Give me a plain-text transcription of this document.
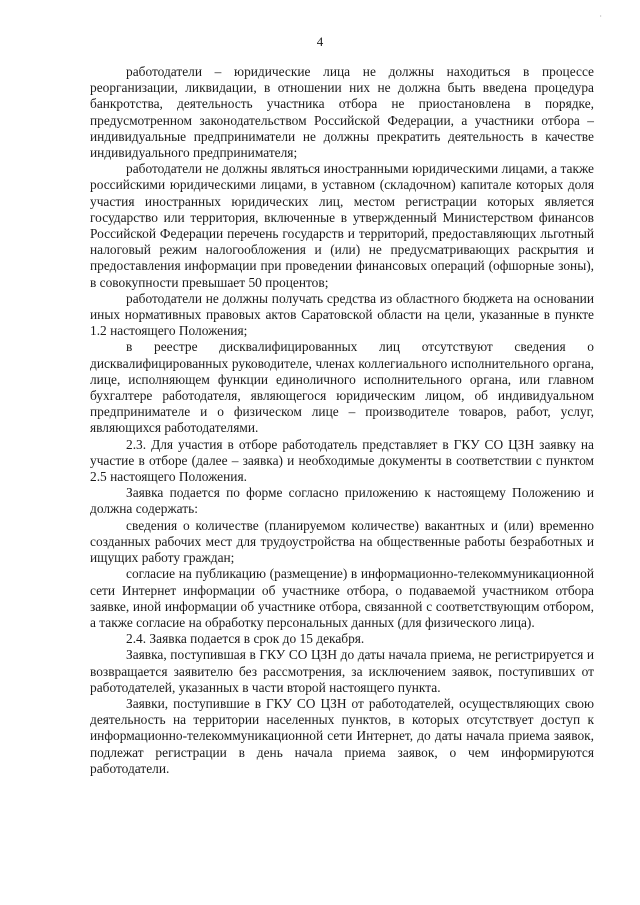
·
4

работодатели – юридические лица не должны находиться в процессе реорганизации, ликвидации, в отношении них не должна быть введена процедура банкротства, деятельность участника отбора не приостановлена в порядке, предусмотренном законодательством Российской Федерации, а участники отбора – индивидуальные предприниматели не должны прекратить деятельность в качестве индивидуального предпринимателя;

работодатели не должны являться иностранными юридическими лицами, а также российскими юридическими лицами, в уставном (складочном) капитале которых доля участия иностранных юридических лиц, местом регистрации которых является государство или территория, включенные в утвержденный Министерством финансов Российской Федерации перечень государств и территорий, предоставляющих льготный налоговый режим налогообложения и (или) не предусматривающих раскрытия и предоставления информации при проведении финансовых операций (офшорные зоны), в совокупности превышает 50 процентов;

работодатели не должны получать средства из областного бюджета на основании иных нормативных правовых актов Саратовской области на цели, указанные в пункте 1.2 настоящего Положения;

в реестре дисквалифицированных лиц отсутствуют сведения о дисквалифицированных руководителе, членах коллегиального исполнительного органа, лице, исполняющем функции единоличного исполнительного органа, или главном бухгалтере работодателя, являющегося юридическим лицом, об индивидуальном предпринимателе и о физическом лице – производителе товаров, работ, услуг, являющихся работодателями.

2.3. Для участия в отборе работодатель представляет в ГКУ СО ЦЗН заявку на участие в отборе (далее – заявка) и необходимые документы в соответствии с пунктом 2.5 настоящего Положения.

Заявка подается по форме согласно приложению к настоящему Положению и должна содержать:

сведения о количестве (планируемом количестве) вакантных и (или) временно созданных рабочих мест для трудоустройства на общественные работы безработных и ищущих работу граждан;

согласие на публикацию (размещение) в информационно-телекоммуникационной сети Интернет информации об участнике отбора, о подаваемой участником отбора заявке, иной информации об участнике отбора, связанной с соответствующим отбором, а также согласие на обработку персональных данных (для физического лица).

2.4. Заявка подается в срок до 15 декабря.

Заявка, поступившая в ГКУ СО ЦЗН до даты начала приема, не регистрируется и возвращается заявителю без рассмотрения, за исключением заявок, поступивших от работодателей, указанных в части второй настоящего пункта.

Заявки, поступившие в ГКУ СО ЦЗН от работодателей, осуществляющих свою деятельность на территории населенных пунктов, в которых отсутствует доступ к информационно-телекоммуникационной сети Интернет, до даты начала приема заявок, подлежат регистрации в день начала приема заявок, о чем информируются работодатели.
